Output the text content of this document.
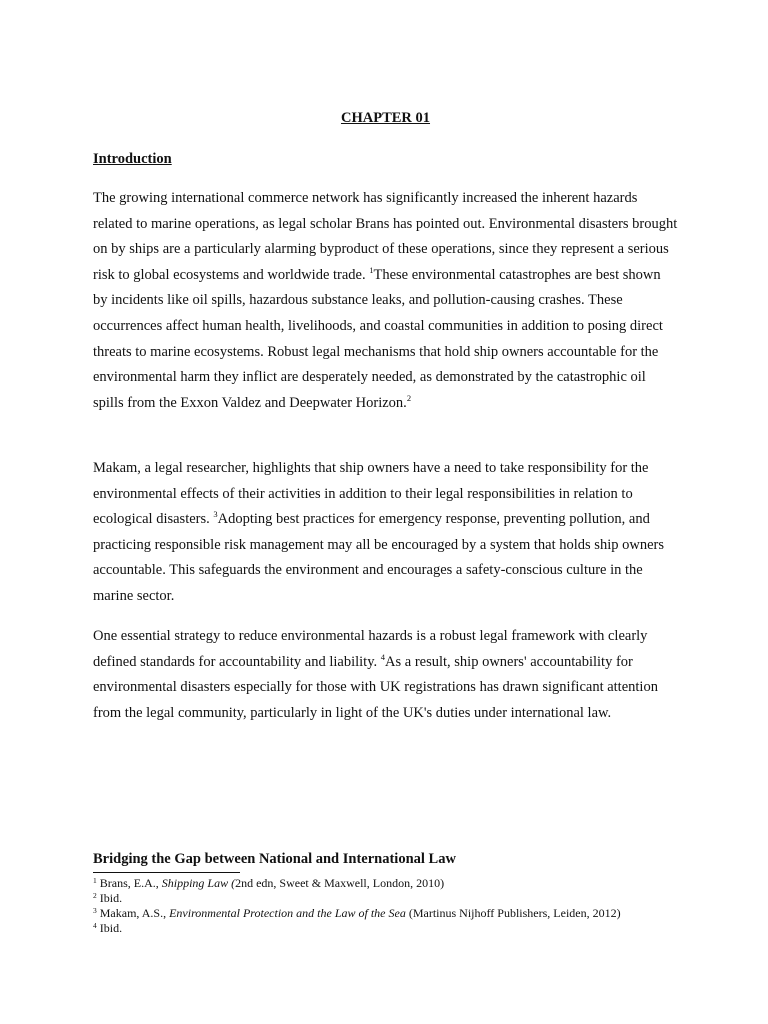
CHAPTER 01
Introduction

The growing international commerce network has significantly increased the inherent hazards related to marine operations, as legal scholar Brans has pointed out. Environmental disasters brought on by ships are a particularly alarming byproduct of these operations, since they represent a serious risk to global ecosystems and worldwide trade. $^1$These environmental catastrophes are best shown by incidents like oil spills, hazardous substance leaks, and pollution-causing crashes. These occurrences affect human health, livelihoods, and coastal communities in addition to posing direct threats to marine ecosystems. Robust legal mechanisms that hold ship owners accountable for the environmental harm they inflict are desperately needed, as demonstrated by the catastrophic oil spills from the Exxon Valdez and Deepwater Horizon.$^2$

Makam, a legal researcher, highlights that ship owners have a need to take responsibility for the environmental effects of their activities in addition to their legal responsibilities in relation to ecological disasters. $^3$Adopting best practices for emergency response, preventing pollution, and practicing responsible risk management may all be encouraged by a system that holds ship owners accountable. This safeguards the environment and encourages a safety-conscious culture in the marine sector.

One essential strategy to reduce environmental hazards is a robust legal framework with clearly defined standards for accountability and liability. $^4$As a result, ship owners' accountability for environmental disasters especially for those with UK registrations has drawn significant attention from the legal community, particularly in light of the UK's duties under international law.

Bridging the Gap between National and International Law
$^1$ Brans, E.A., Shipping Law (2nd edn, Sweet & Maxwell, London, 2010)
$^2$ Ibid.
$^3$ Makam, A.S., Environmental Protection and the Law of the Sea (Martinus Nijhoff Publishers, Leiden, 2012)
$^4$ Ibid.
